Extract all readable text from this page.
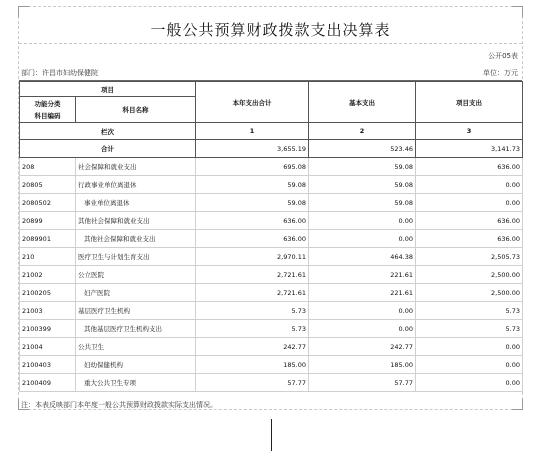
一般公共预算财政拨款支出决算表
公开05表
部门：许昌市妇幼保健院	单位：万元
项目		本年支出合计	基本支出	项目支出
功能分类
科目编码	科目名称			
栏次		1	2	3
合计		3,655.19	523.46	3,141.73
208	社会保障和就业支出	695.08	59.08	636.00
20805	行政事业单位离退休	59.08	59.08	0.00
2080502	事业单位离退休	59.08	59.08	0.00
20899	其他社会保障和就业支出	636.00	0.00	636.00
2089901	其他社会保障和就业支出	636.00	0.00	636.00
210	医疗卫生与计划生育支出	2,970.11	464.38	2,505.73
21002	公立医院	2,721.61	221.61	2,500.00
2100205	妇产医院	2,721.61	221.61	2,500.00
21003	基层医疗卫生机构	5.73	0.00	5.73
2100399	其他基层医疗卫生机构支出	5.73	0.00	5.73
21004	公共卫生	242.77	242.77	0.00
2100403	妇幼保健机构	185.00	185.00	0.00
2100409	重大公共卫生专项	57.77	57.77	0.00
注：本表反映部门本年度一般公共预算财政拨款实际支出情况。
